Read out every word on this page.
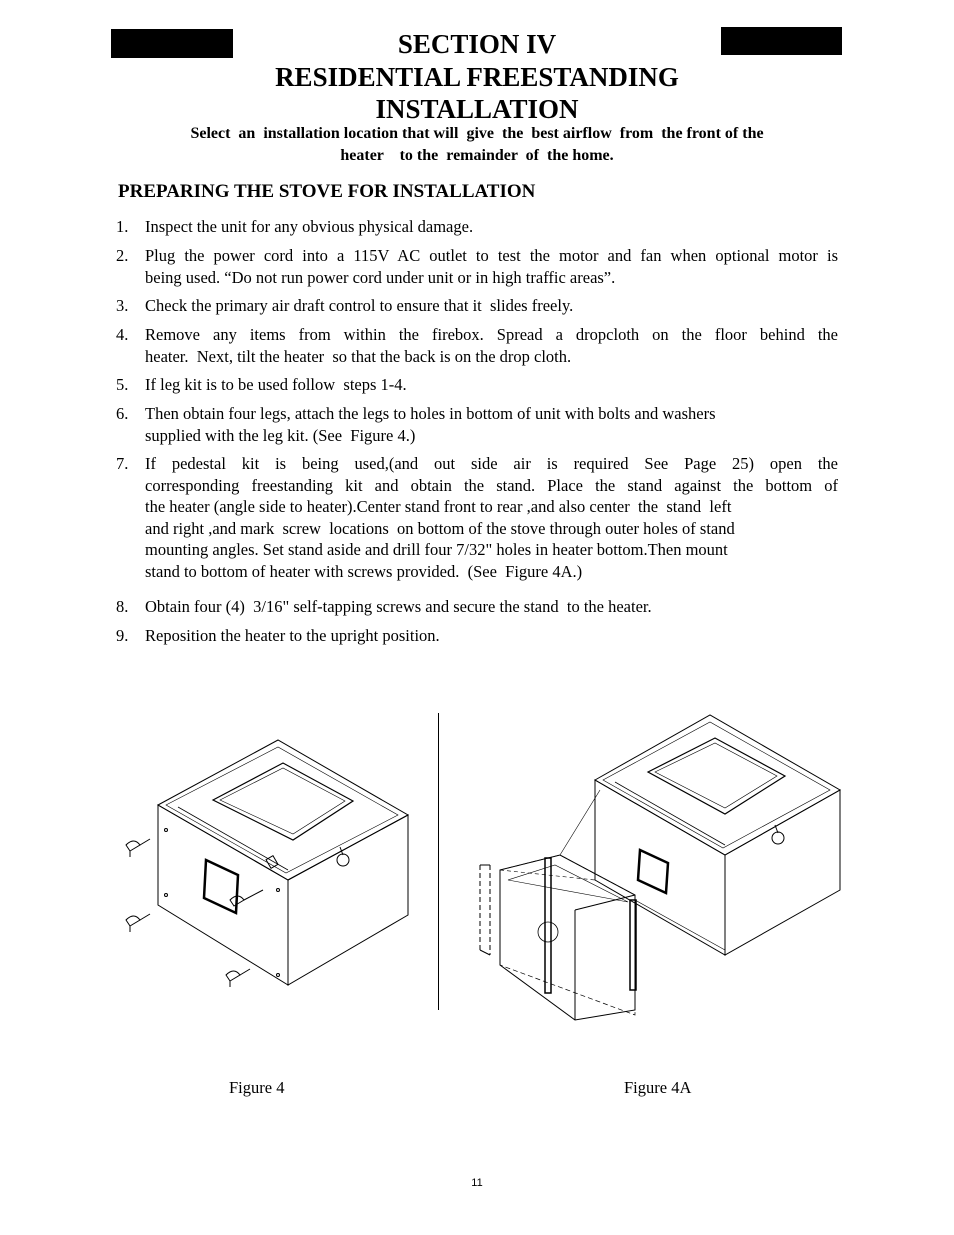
SECTION IV
RESIDENTIAL FREESTANDING
INSTALLATION
Select  an  installation location that will  give  the  best airflow  from  the front of the
heater    to the  remainder  of  the home.
PREPARING THE STOVE FOR INSTALLATION
1. Inspect the unit for any obvious physical damage.
2. Plug the power cord into a 115V AC outlet to test the motor and fan when optional motor is
being used. “Do not run power cord under unit or in high traffic areas”.
3. Check the primary air draft control to ensure that it  slides freely.
4. Remove any items from within the firebox. Spread a dropcloth on the floor behind the
heater.  Next, tilt the heater  so that the back is on the drop cloth.
5. If leg kit is to be used follow  steps 1-4.
6. Then obtain four legs, attach the legs to holes in bottom of unit with bolts and washers
supplied with the leg kit. (See  Figure 4.)
7. If pedestal kit is being used,(and out side air is required See Page 25) open the
corresponding freestanding kit and obtain the stand. Place the stand against the bottom of
the heater (angle side to heater).Center stand front to rear ,and also center  the  stand  left
and right ,and mark  screw  locations  on bottom of the stove through outer holes of stand
mounting angles. Set stand aside and drill four 7/32" holes in heater bottom.Then mount
stand to bottom of heater with screws provided.  (See  Figure 4A.)
8. Obtain four (4)  3/16" self-tapping screws and secure the stand  to the heater.
9. Reposition the heater to the upright position.
Figure 4	Figure 4A
11
